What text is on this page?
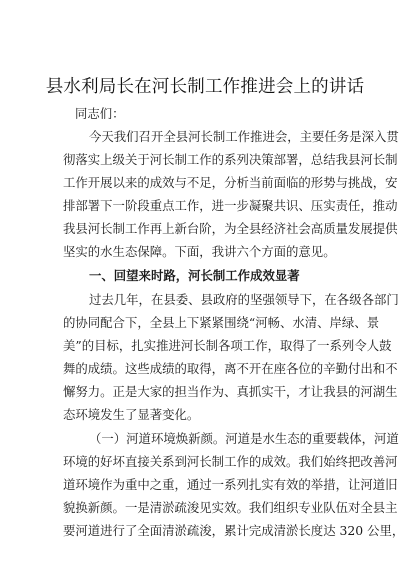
县水利局长在河长制工作推进会上的讲话
同志们：
今天我们召开全县河长制工作推进会，主要任务是深入贯
彻落实上级关于河长制工作的系列决策部署，总结我县河长制
工作开展以来的成效与不足，分析当前面临的形势与挑战，安
排部署下一阶段重点工作，进一步凝聚共识、压实责任，推动
我县河长制工作再上新台阶，为全县经济社会高质量发展提供
坚实的水生态保障。下面，我讲六个方面的意见。
一、回望来时路，河长制工作成效显著
过去几年，在县委、县政府的坚强领导下，在各级各部门
的协同配合下，全县上下紧紧围绕“河畅、水清、岸绿、景
美”的目标，扎实推进河长制各项工作，取得了一系列令人鼓
舞的成绩。这些成绩的取得，离不开在座各位的辛勤付出和不
懈努力。正是大家的担当作为、真抓实干，才让我县的河湖生
态环境发生了显著变化。
（一）河道环境焕新颜。河道是水生态的重要载体，河道
环境的好坏直接关系到河长制工作的成效。我们始终把改善河
道环境作为重中之重，通过一系列扎实有效的举措，让河道旧
貌换新颜。一是清淤疏浚见实效。我们组织专业队伍对全县主
要河道进行了全面清淤疏浚，累计完成清淤长度达 320 公里，
